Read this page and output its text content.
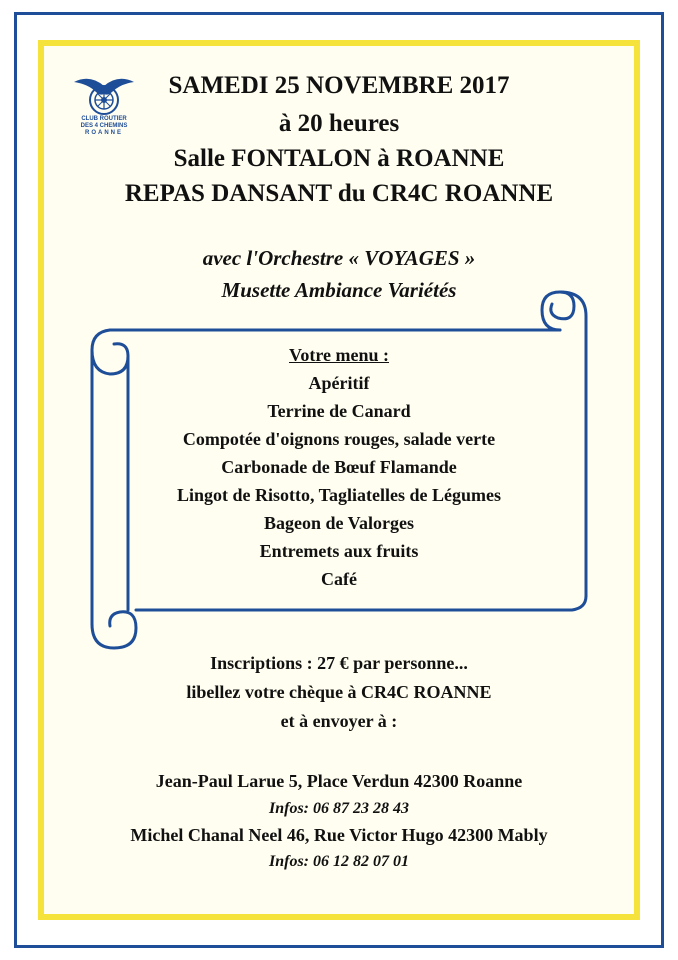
CLUB ROUTIER
DES 4 CHEMINS
ROANNE
SAMEDI 25 NOVEMBRE 2017
à 20 heures
Salle FONTALON à ROANNE
REPAS DANSANT du CR4C ROANNE
avec l'Orchestre « VOYAGES »
Musette Ambiance Variétés
Votre menu :
Apéritif
Terrine de Canard
Compotée d'oignons rouges, salade verte
Carbonade de Bœuf Flamande
Lingot de Risotto, Tagliatelles de Légumes
Bageon de Valorges
Entremets aux fruits
Café
Inscriptions : 27 € par personne...
libellez votre chèque à CR4C ROANNE
et à envoyer à :
Jean-Paul Larue 5, Place Verdun 42300 Roanne
Infos: 06 87 23 28 43
Michel Chanal Neel 46, Rue Victor Hugo 42300 Mably
Infos: 06 12 82 07 01
